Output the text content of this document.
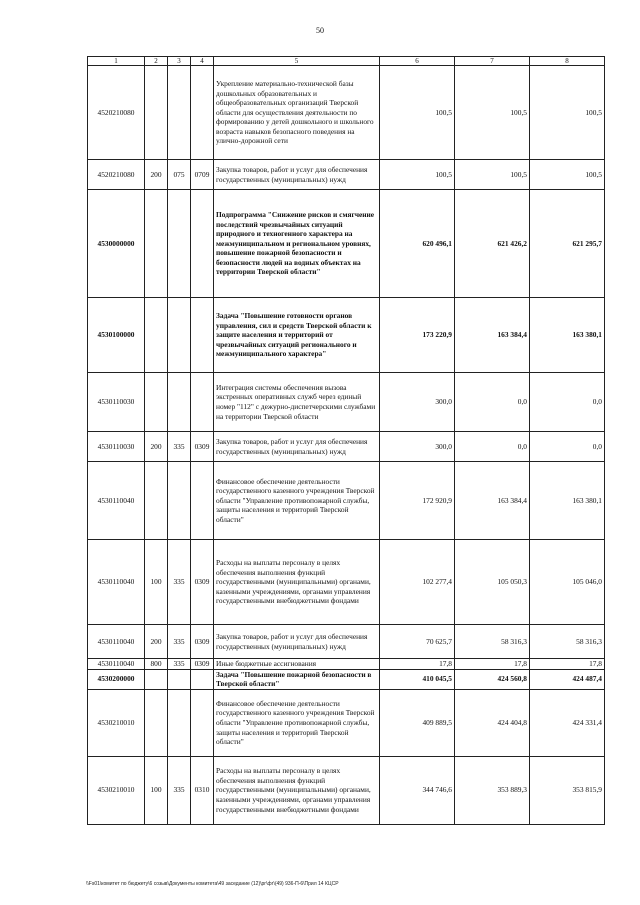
50
1	2	3	4	5	6	7	8
4520210080				Укрепление материально-технической базы дошкольных образовательных и общеобразовательных организаций Тверской области для осуществления деятельности по формированию у детей дошкольного и школьного возраста навыков безопасного поведения на улично-дорожной сети	100,5	100,5	100,5
4520210080	200	075	0709	Закупка товаров, работ и услуг для обеспечения государственных (муниципальных) нужд	100,5	100,5	100,5
4530000000				Подпрограмма "Снижение рисков и смягчение последствий чрезвычайных ситуаций природного и техногенного характера на межмуниципальном и региональном уровнях, повышение пожарной безопасности и безопасности людей на водных объектах на территории Тверской области"	620 496,1	621 426,2	621 295,7
4530100000				Задача "Повышение готовности органов управления, сил и средств Тверской области к защите населения и территорий от чрезвычайных ситуаций регионального и межмуниципального характера"	173 220,9	163 384,4	163 380,1
4530110030				Интеграция системы обеспечения вызова экстренных оперативных служб через единый номер "112" с дежурно-диспетчерскими службами на территории Тверской области	300,0	0,0	0,0
4530110030	200	335	0309	Закупка товаров, работ и услуг для обеспечения государственных (муниципальных) нужд	300,0	0,0	0,0
4530110040				Финансовое обеспечение деятельности государственного казенного учреждения Тверской области "Управление противопожарной службы, защиты населения и территорий Тверской области"	172 920,9	163 384,4	163 380,1
4530110040	100	335	0309	Расходы на выплаты персоналу в целях обеспечения выполнения функций государственными (муниципальными) органами, казенными учреждениями, органами управления государственными внебюджетными фондами	102 277,4	105 050,3	105 046,0
4530110040	200	335	0309	Закупка товаров, работ и услуг для обеспечения государственных (муниципальных) нужд	70 625,7	58 316,3	58 316,3
4530110040	800	335	0309	Иные бюджетные ассигнования	17,8	17,8	17,8
4530200000				Задача "Повышение пожарной безопасности в Тверской области"	410 045,5	424 560,8	424 487,4
4530210010				Финансовое обеспечение деятельности государственного казенного учреждения Тверской области "Управление противопожарной службы, защиты населения и территорий Тверской области"	409 889,5	424 404,8	424 331,4
4530210010	100	335	0310	Расходы на выплаты персоналу в целях обеспечения выполнения функций государственными (муниципальными) органами, казенными учреждениями, органами управления государственными внебюджетными фондами	344 746,6	353 889,3	353 815,9
\\Fs01\комитет по бюджету\6 созыв\Документы комитета\49 заседание (12)\рг\фг\(49) 936-П-6\Прил 14 КЦСР
